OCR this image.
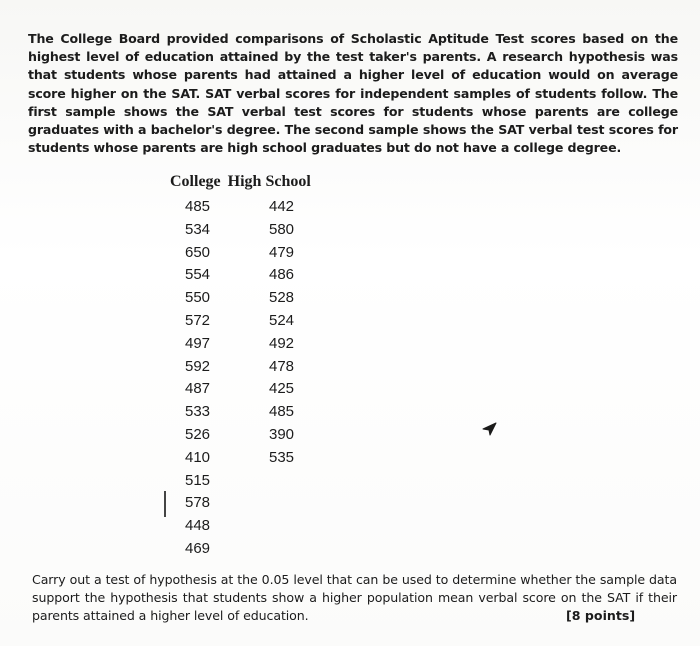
The College Board provided comparisons of Scholastic Aptitude Test scores based on the highest level of education attained by the test taker's parents. A research hypothesis was that students whose parents had attained a higher level of education would on average score higher on the SAT. SAT verbal scores for independent samples of students follow. The first sample shows the SAT verbal test scores for students whose parents are college graduates with a bachelor's degree. The second sample shows the SAT verbal test scores for students whose parents are high school graduates but do not have a college degree.

College High School
485
534
650
554
550
572
497
592
487
533
526
410
515
578
448
469
442
580
479
486
528
524
492
478
425
485
390
535

Carry out a test of hypothesis at the 0.05 level that can be used to determine whether the sample data support the hypothesis that students show a higher population mean verbal score on the SAT if their parents attained a higher level of education.	[8 points]
